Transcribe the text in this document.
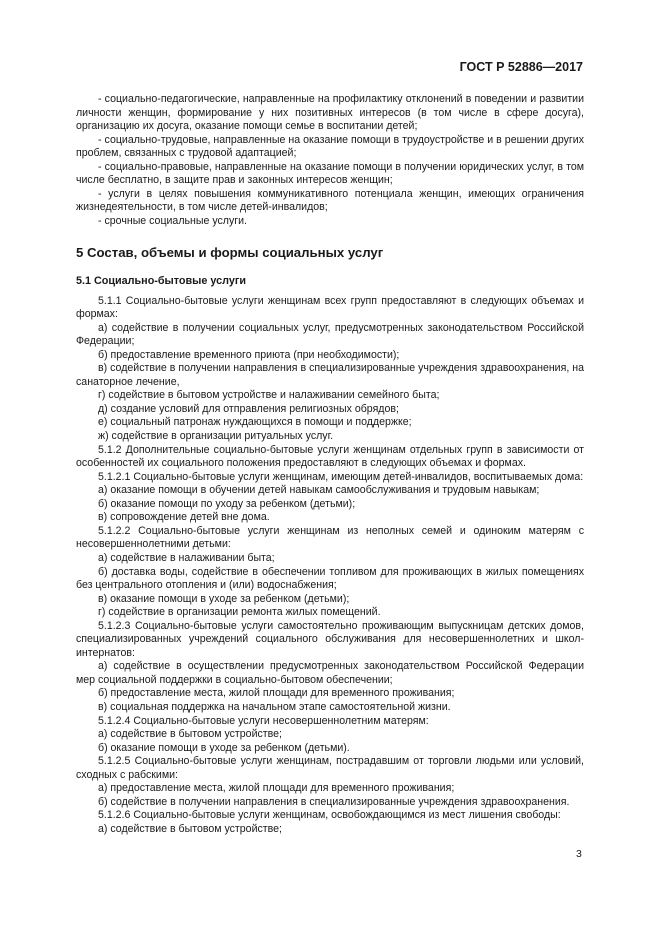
ГОСТ Р 52886—2017

- социально-педагогические, направленные на профилактику отклонений в поведении и развитии личности женщин, формирование у них позитивных интересов (в том числе в сфере досуга), организацию их досуга, оказание помощи семье в воспитании детей;

- социально-трудовые, направленные на оказание помощи в трудоустройстве и в решении других проблем, связанных с трудовой адаптацией;

- социально-правовые, направленные на оказание помощи в получении юридических услуг, в том числе бесплатно, в защите прав и законных интересов женщин;

- услуги в целях повышения коммуникативного потенциала женщин, имеющих ограничения жизнедеятельности, в том числе детей-инвалидов;

- срочные социальные услуги.

5 Состав, объемы и формы социальных услуг
5.1 Социально-бытовые услуги

5.1.1 Социально-бытовые услуги женщинам всех групп предоставляют в следующих объемах и формах:

а) содействие в получении социальных услуг, предусмотренных законодательством Российской Федерации;

б) предоставление временного приюта (при необходимости);

в) содействие в получении направления в специализированные учреждения здравоохранения, на санаторное лечение,

г) содействие в бытовом устройстве и налаживании семейного быта;

д) создание условий для отправления религиозных обрядов;

е) социальный патронаж нуждающихся в помощи и поддержке;

ж) содействие в организации ритуальных услуг.

5.1.2 Дополнительные социально-бытовые услуги женщинам отдельных групп в зависимости от особенностей их социального положения предоставляют в следующих объемах и формах.

5.1.2.1 Социально-бытовые услуги женщинам, имеющим детей-инвалидов, воспитываемых дома:

а) оказание помощи в обучении детей навыкам самообслуживания и трудовым навыкам;

б) оказание помощи по уходу за ребенком (детьми);

в) сопровождение детей вне дома.

5.1.2.2 Социально-бытовые услуги женщинам из неполных семей и одиноким матерям с несовершеннолетними детьми:

а) содействие в налаживании быта;

б) доставка воды, содействие в обеспечении топливом для проживающих в жилых помещениях без центрального отопления и (или) водоснабжения;

в) оказание помощи в уходе за ребенком (детьми);

г) содействие в организации ремонта жилых помещений.

5.1.2.3 Социально-бытовые услуги самостоятельно проживающим выпускницам детских домов, специализированных учреждений социального обслуживания для несовершеннолетних и школ-интернатов:

а) содействие в осуществлении предусмотренных законодательством Российской Федерации мер социальной поддержки в социально-бытовом обеспечении;

б) предоставление места, жилой площади для временного проживания;

в) социальная поддержка на начальном этапе самостоятельной жизни.

5.1.2.4 Социально-бытовые услуги несовершеннолетним матерям:

а) содействие в бытовом устройстве;

б) оказание помощи в уходе за ребенком (детьми).

5.1.2.5 Социально-бытовые услуги женщинам, пострадавшим от торговли людьми или условий, сходных с рабскими:

а) предоставление места, жилой площади для временного проживания;

б) содействие в получении направления в специализированные учреждения здравоохранения.

5.1.2.6 Социально-бытовые услуги женщинам, освобождающимся из мест лишения свободы:

а) содействие в бытовом устройстве;

3
